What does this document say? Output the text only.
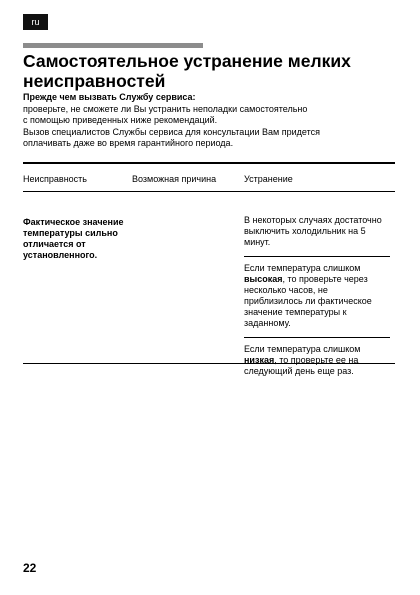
ru
Самостоятельное устранение мелких неисправностей
Прежде чем вызвать Службу сервиса:
проверьте, не сможете ли Вы устранить неполадки самостоятельно
с помощью приведенных ниже рекомендаций.
Вызов специалистов Службы сервиса для консультации Вам придется
оплачивать даже во время гарантийного периода.
Неисправность	Возможная причина	Устранение
Фактическое значение температуры сильно отличается от установленного.

В некоторых случаях достаточно выключить холодильник на 5 минут.

Если температура слишком высокая, то проверьте через несколько часов, не приблизилось ли фактическое значение температуры к заданному.

Если температура слишком низкая, то проверьте ее на следующий день еще раз.

22
